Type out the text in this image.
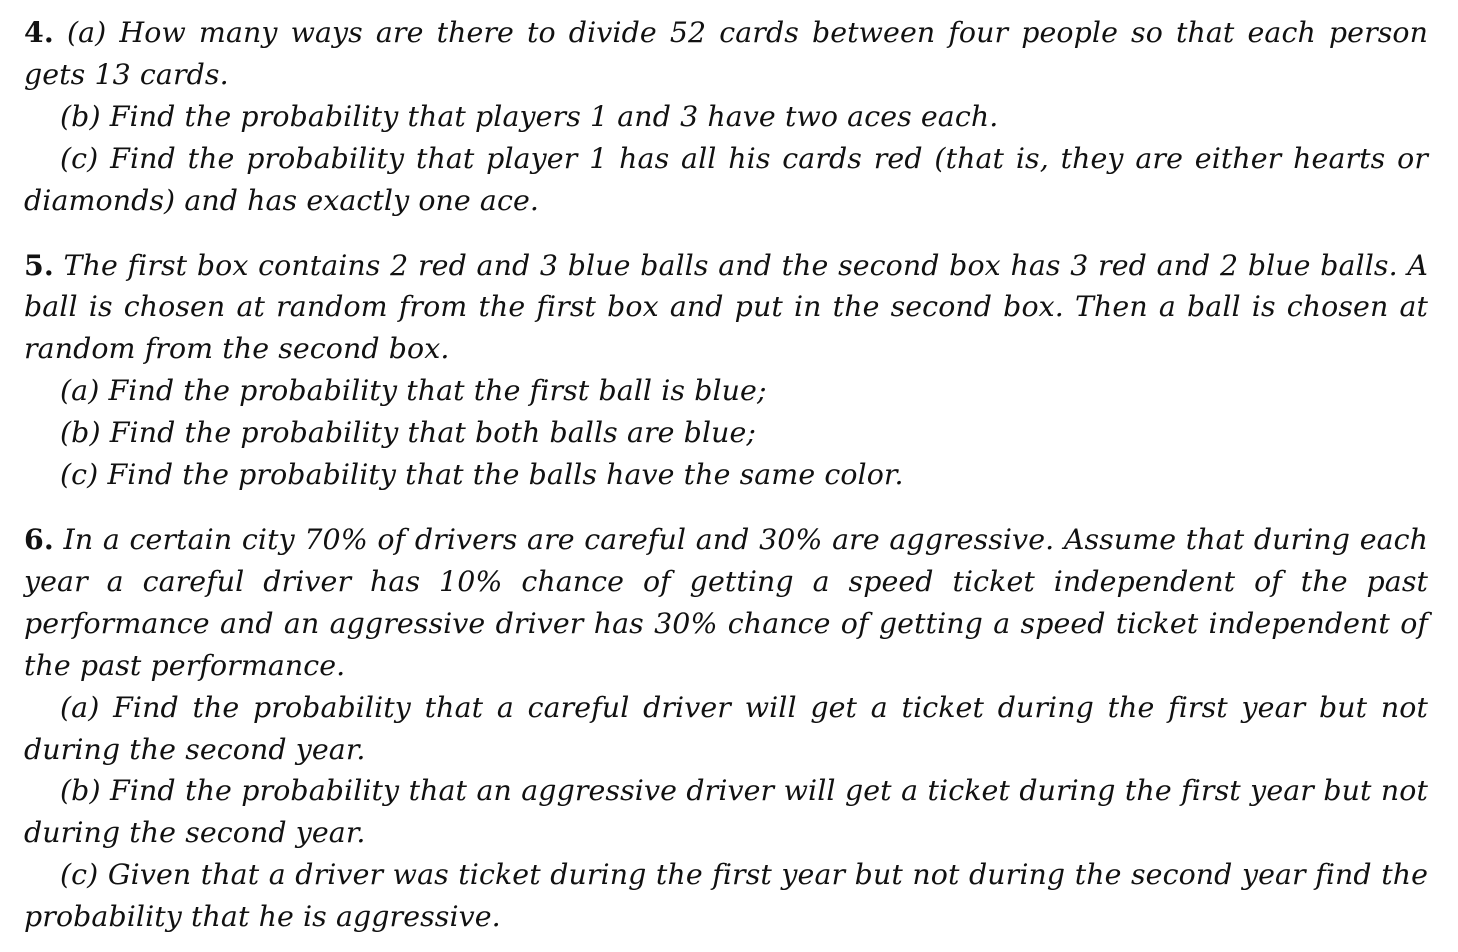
4. (a) How many ways are there to divide 52 cards between four people so that each person gets 13 cards.

(b) Find the probability that players 1 and 3 have two aces each.

(c) Find the probability that player 1 has all his cards red (that is, they are either hearts or diamonds) and has exactly one ace.

5. The first box contains 2 red and 3 blue balls and the second box has 3 red and 2 blue balls. A ball is chosen at random from the first box and put in the second box. Then a ball is chosen at random from the second box.

(a) Find the probability that the first ball is blue;

(b) Find the probability that both balls are blue;

(c) Find the probability that the balls have the same color.

6. In a certain city 70% of drivers are careful and 30% are aggressive. Assume that during each year a careful driver has 10% chance of getting a speed ticket independent of the past performance and an aggressive driver has 30% chance of getting a speed ticket independent of the past performance.

(a) Find the probability that a careful driver will get a ticket during the first year but not during the second year.

(b) Find the probability that an aggressive driver will get a ticket during the first year but not during the second year.

(c) Given that a driver was ticket during the first year but not during the second year find the probability that he is aggressive.
